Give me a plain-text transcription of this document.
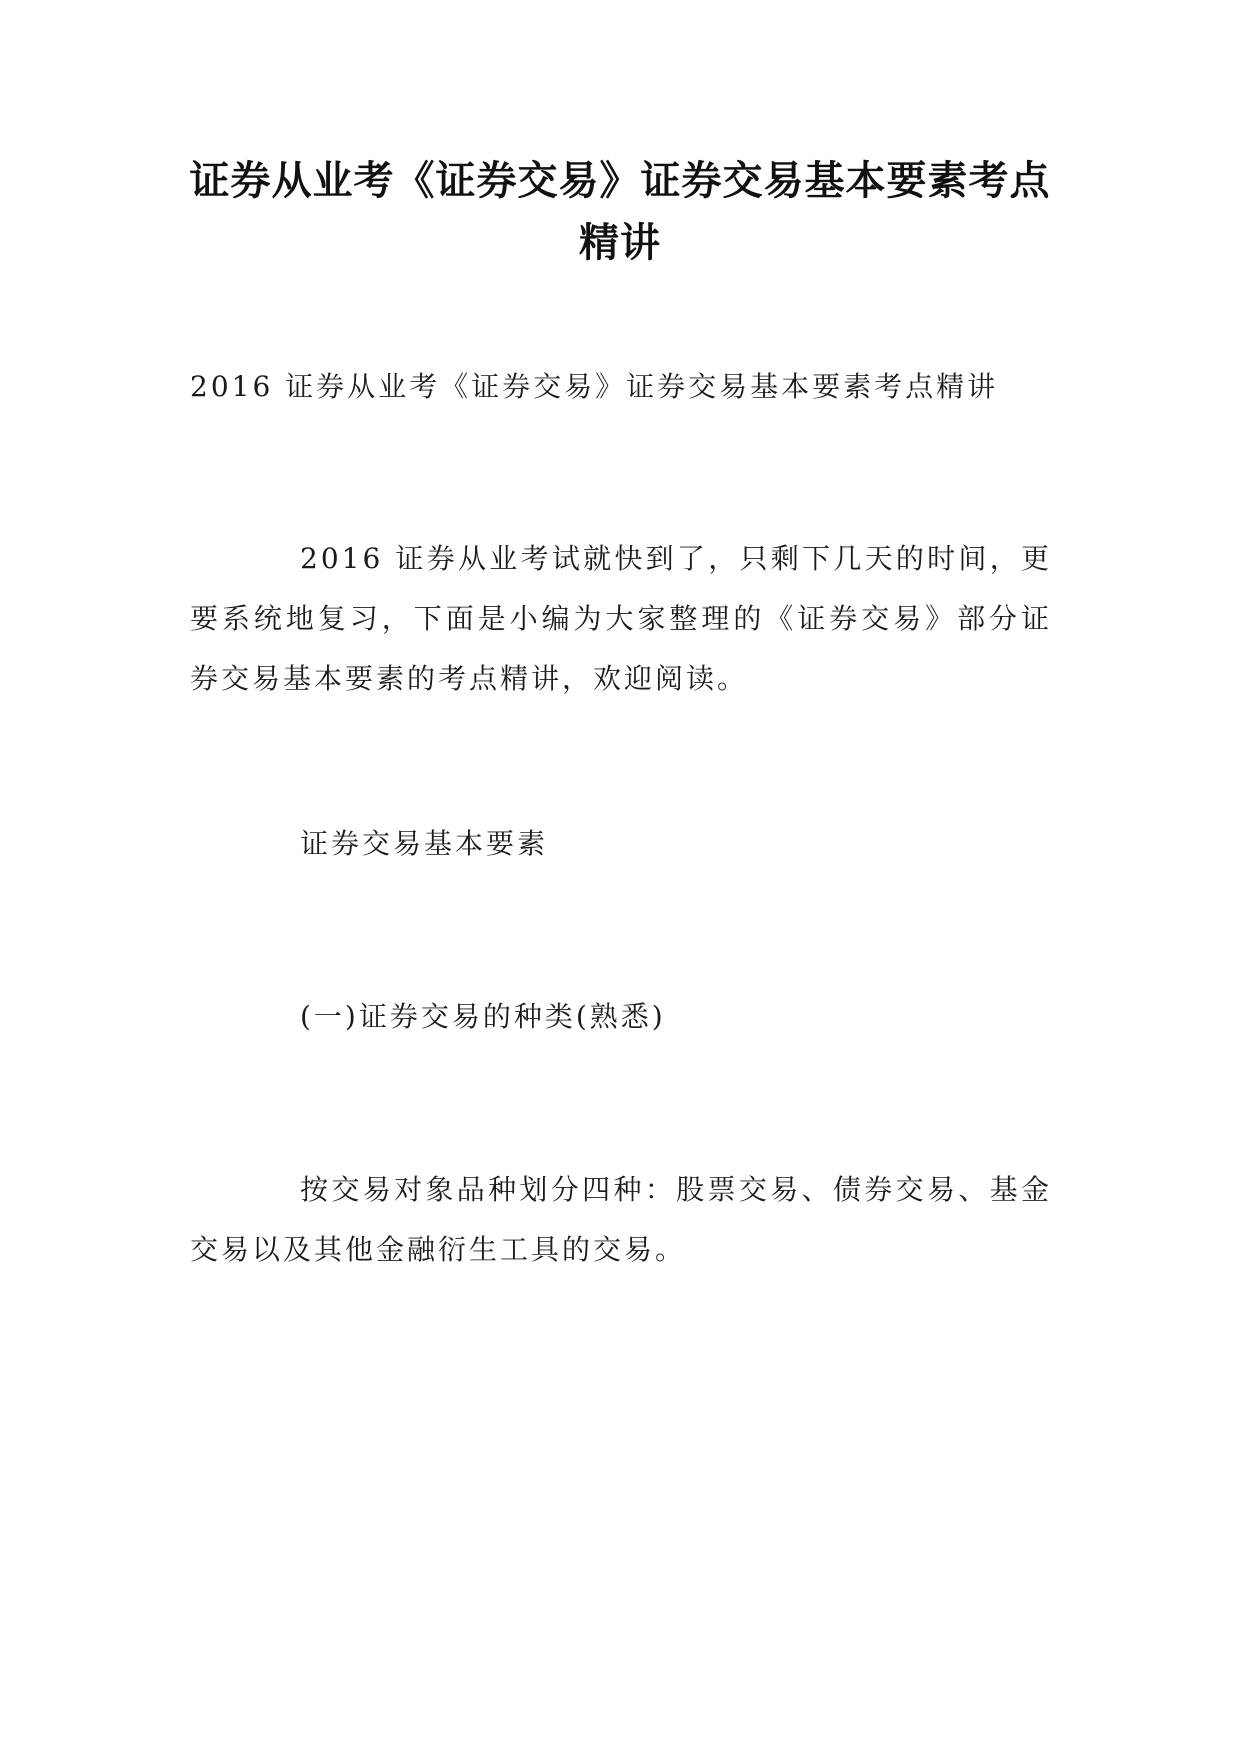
证券从业考《证券交易》证券交易基本要素考点精讲

2016 证券从业考《证券交易》证券交易基本要素考点精讲

2016 证券从业考试就快到了，只剩下几天的时间，更要系统地复习，下面是小编为大家整理的《证券交易》部分证券交易基本要素的考点精讲，欢迎阅读。

证券交易基本要素

(一)证券交易的种类(熟悉)

按交易对象品种划分四种：股票交易、债券交易、基金交易以及其他金融衍生工具的交易。
